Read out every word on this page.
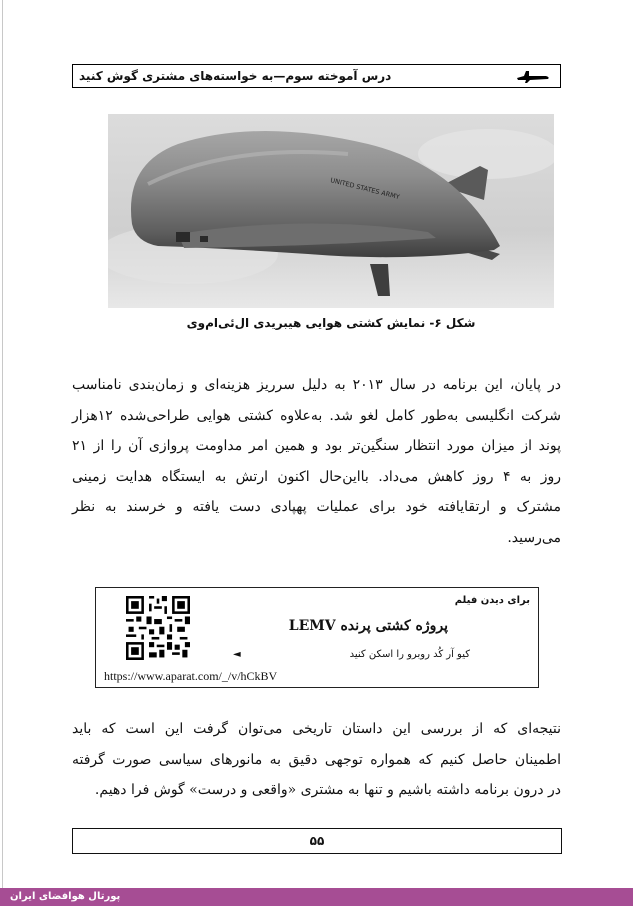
درس آموخته سوم—به خواسته‌های مشتری گوش کنید
UNITED STATES ARMY
شکل ۶- نمایش کشتی هوایی هیبریدی ال‌ئی‌ام‌وی

در پایان، این برنامه در سال ۲۰۱۳ به دلیل سرریز هزینه‌ای و زمان‌بندی نامناسب

شرکت انگلیسی به‌طور کامل لغو شد. به‌علاوه کشتی هوایی طراحی‌شده ۱۲هزار

پوند از میزان مورد انتظار سنگین‌تر بود و همین امر مداومت پروازی آن را از ۲۱

روز به ۴ روز کاهش می‌داد. بااین‌حال اکنون ارتش به ایستگاه هدایت زمینی

مشترک و ارتقایافته خود برای عملیات پهپادی دست یافته و خرسند به نظر

می‌رسید.

برای دیدن فیلم
پروژه کشتی پرنده LEMV
کیو آر کُد روبرو را اسکن کنید
◄
https://www.aparat.com/_/v/hCkBV

نتیجه‌ای که از بررسی این داستان تاریخی می‌توان گرفت این است که باید

اطمینان حاصل کنیم که همواره توجهی دقیق به مانورهای سیاسی صورت گرفته

در درون برنامه داشته باشیم و تنها به مشتری «واقعی و درست» گوش فرا دهیم.

۵۵
پورتال هوافضای ایران
